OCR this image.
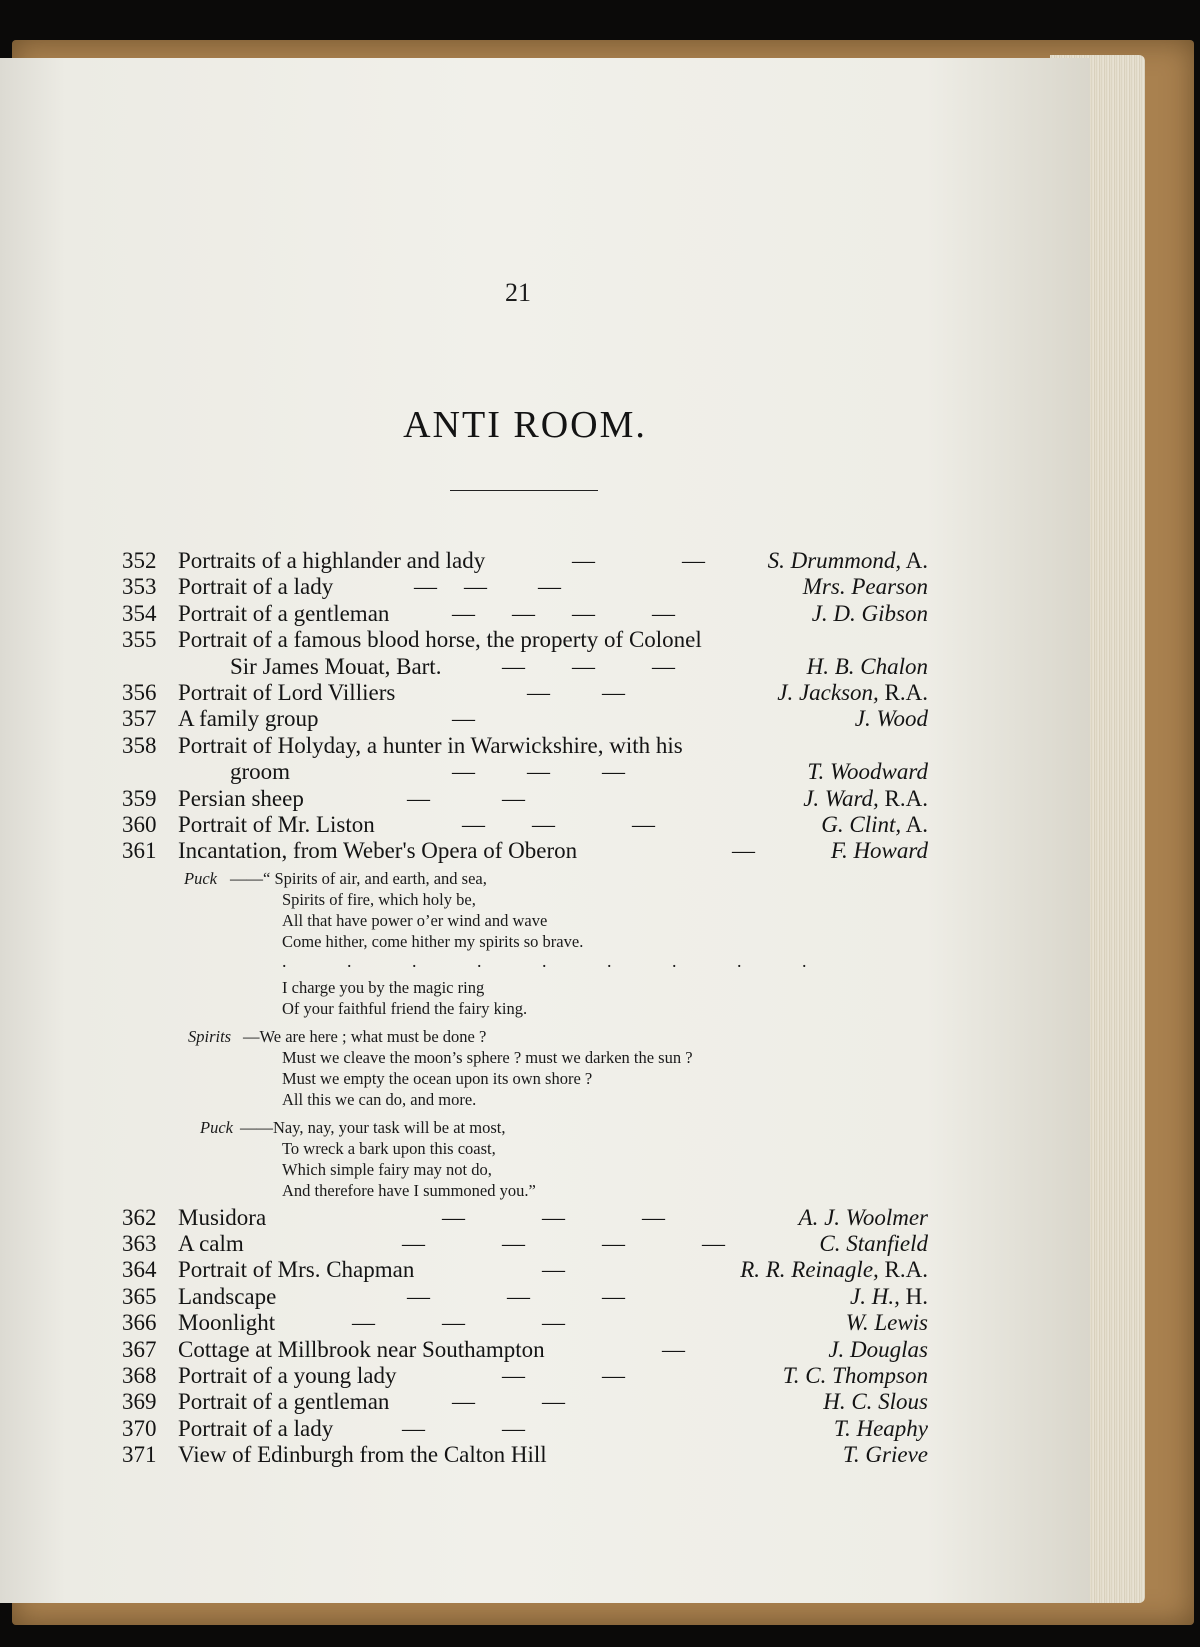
21
ANTI ROOM.
352 Portraits of a highlander and lady	—	—	S. Drummond, A.
353 Portrait of a lady	— — —	Mrs. Pearson
354 Portrait of a gentleman	— — — —	J. D. Gibson
355 Portrait of a famous blood horse, the property of Colonel
Sir James Mouat, Bart.	— — —	H. B. Chalon
356 Portrait of Lord Villiers	— —	J. Jackson, R.A.
357 A family group	—	J. Wood
358 Portrait of Holyday, a hunter in Warwickshire, with his
groom	— — —	T. Woodward
359 Persian sheep	—	—	J. Ward, R.A.
360 Portrait of Mr. Liston	— —	—	G. Clint, A.
361 Incantation, from Weber's Opera of Oberon	—	F. Howard
Puck ——“ Spirits of air, and earth, and sea,
Spirits of fire, which holy be,
All that have power o’er wind and wave
Come hither, come hither my spirits so brave.
. . . . . . . . .
I charge you by the magic ring
Of your faithful friend the fairy king.
Spirits —We are here ; what must be done ?
Must we cleave the moon’s sphere ? must we darken the sun ?
Must we empty the ocean upon its own shore ?
All this we can do, and more.
Puck ——Nay, nay, your task will be at most,
To wreck a bark upon this coast,
Which simple fairy may not do,
And therefore have I summoned you.”
362 Musidora	—	—	—	A. J. Woolmer
363 A calm	—	—	—	—	C. Stanfield
364 Portrait of Mrs. Chapman	—	R. R. Reinagle, R.A.
365 Landscape	—	—	—	J. H., H.
366 Moonlight	—	—	—	W. Lewis
367 Cottage at Millbrook near Southampton	—	J. Douglas
368 Portrait of a young lady	—	—	T. C. Thompson
369 Portrait of a gentleman	—	—	H. C. Slous
370 Portrait of a lady	—	—	T. Heaphy
371 View of Edinburgh from the Calton Hill	T. Grieve
